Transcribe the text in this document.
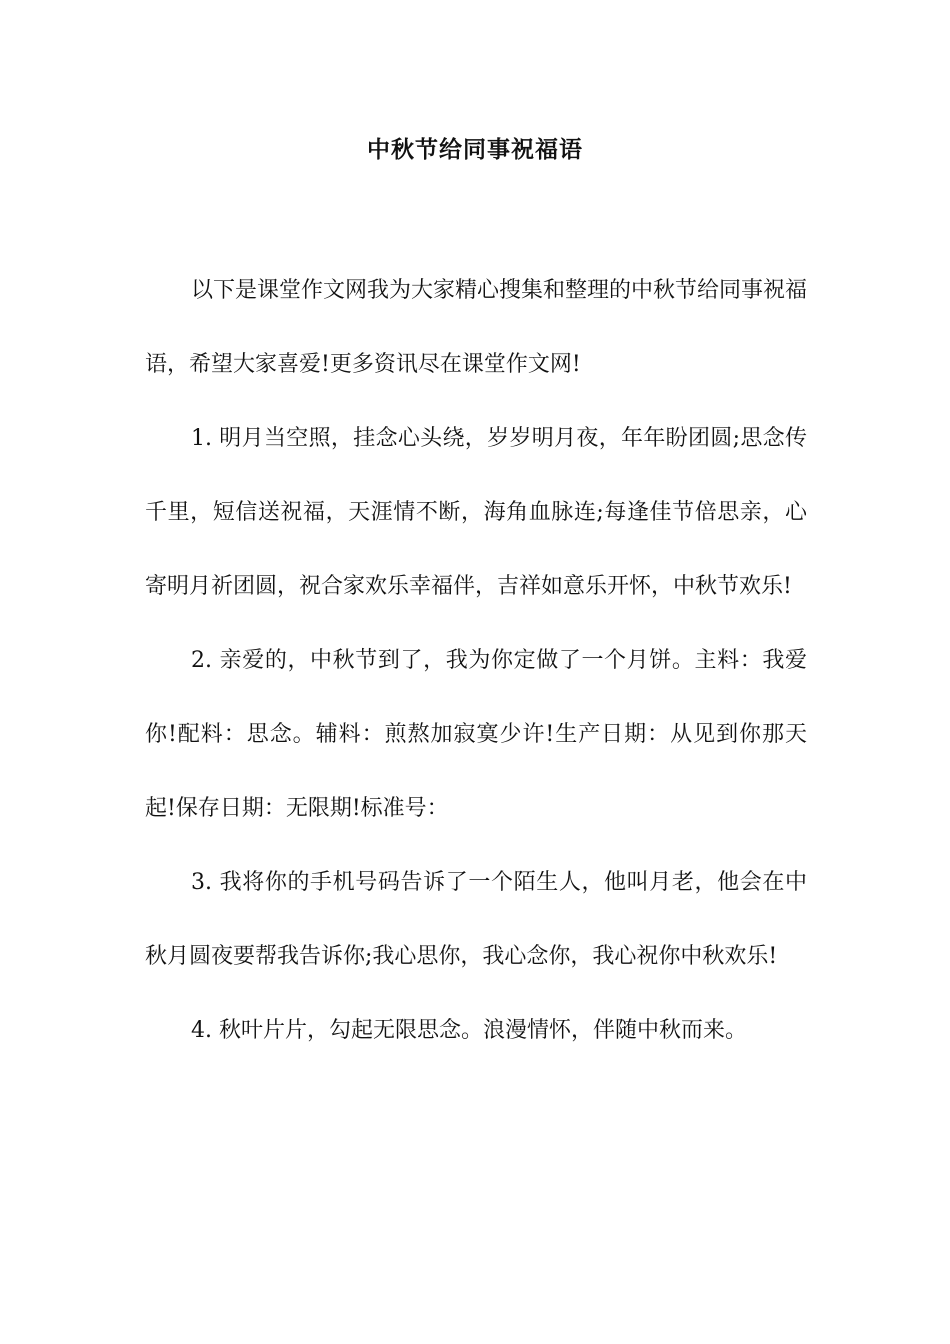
中秋节给同事祝福语

以下是课堂作文网我为大家精心搜集和整理的中秋节给同事祝福语，希望大家喜爱!更多资讯尽在课堂作文网!

1. 明月当空照，挂念心头绕，岁岁明月夜，年年盼团圆;思念传千里，短信送祝福，天涯情不断，海角血脉连;每逢佳节倍思亲，心寄明月祈团圆，祝合家欢乐幸福伴，吉祥如意乐开怀，中秋节欢乐!

2. 亲爱的，中秋节到了，我为你定做了一个月饼。主料：我爱你!配料：思念。辅料：煎熬加寂寞少许!生产日期：从见到你那天起!保存日期：无限期!标准号：

3. 我将你的手机号码告诉了一个陌生人，他叫月老，他会在中秋月圆夜要帮我告诉你;我心思你，我心念你，我心祝你中秋欢乐!

4. 秋叶片片，勾起无限思念。浪漫情怀，伴随中秋而来。
